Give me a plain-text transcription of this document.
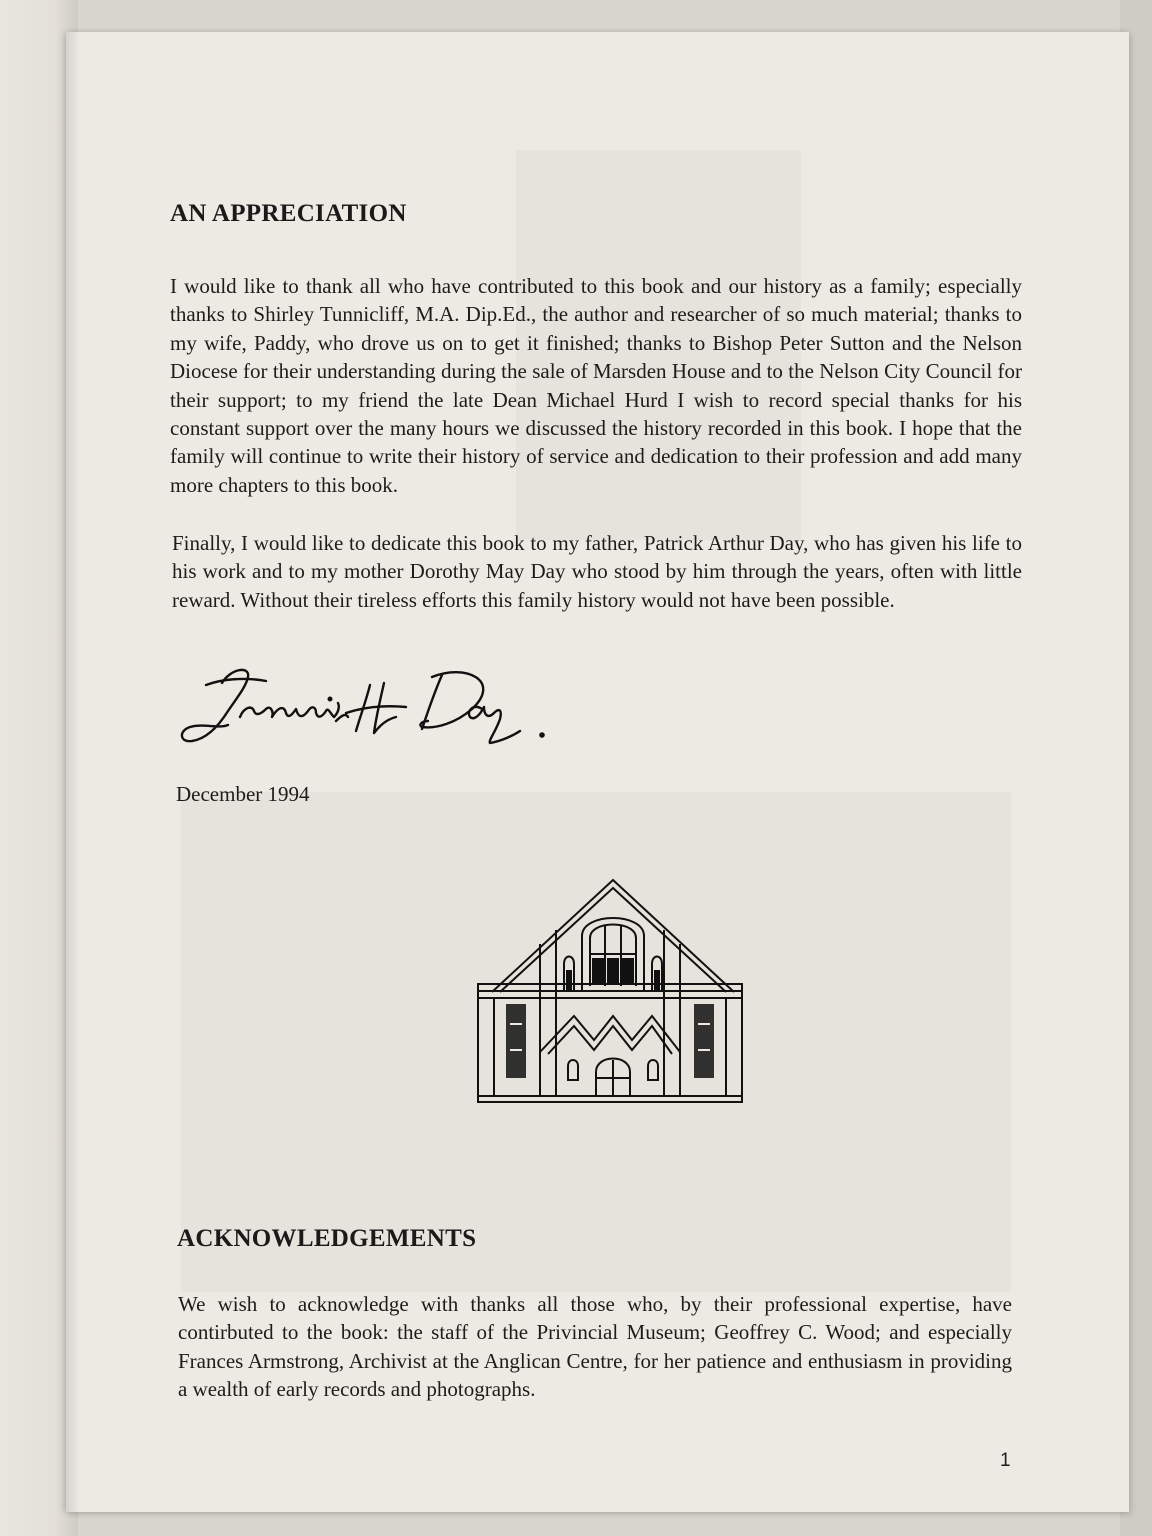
AN APPRECIATION

I would like to thank all who have contributed to this book and our history as a family; especially thanks to Shirley Tunnicliff, M.A. Dip.Ed., the author and researcher of so much material; thanks to my wife, Paddy, who drove us on to get it finished; thanks to Bishop Peter Sutton and the Nelson Diocese for their understanding during the sale of Marsden House and to the Nelson City Council for their support; to my friend the late Dean Michael Hurd I wish to record special thanks for his constant support over the many hours we discussed the history recorded in this book. I hope that the family will continue to write their history of service and dedication to their profession and add many more chapters to this book.

Finally, I would like to dedicate this book to my father, Patrick Arthur Day, who has given his life to his work and to my mother Dorothy May Day who stood by him through the years, often with little reward. Without their tireless efforts this family history would not have been possible.

December 1994
ACKNOWLEDGEMENTS

We wish to acknowledge with thanks all those who, by their professional expertise, have contirbuted to the book: the staff of the Privincial Museum; Geoffrey C. Wood; and especially Frances Armstrong, Archivist at the Anglican Centre, for her patience and enthusiasm in providing a wealth of early records and photographs.

1
